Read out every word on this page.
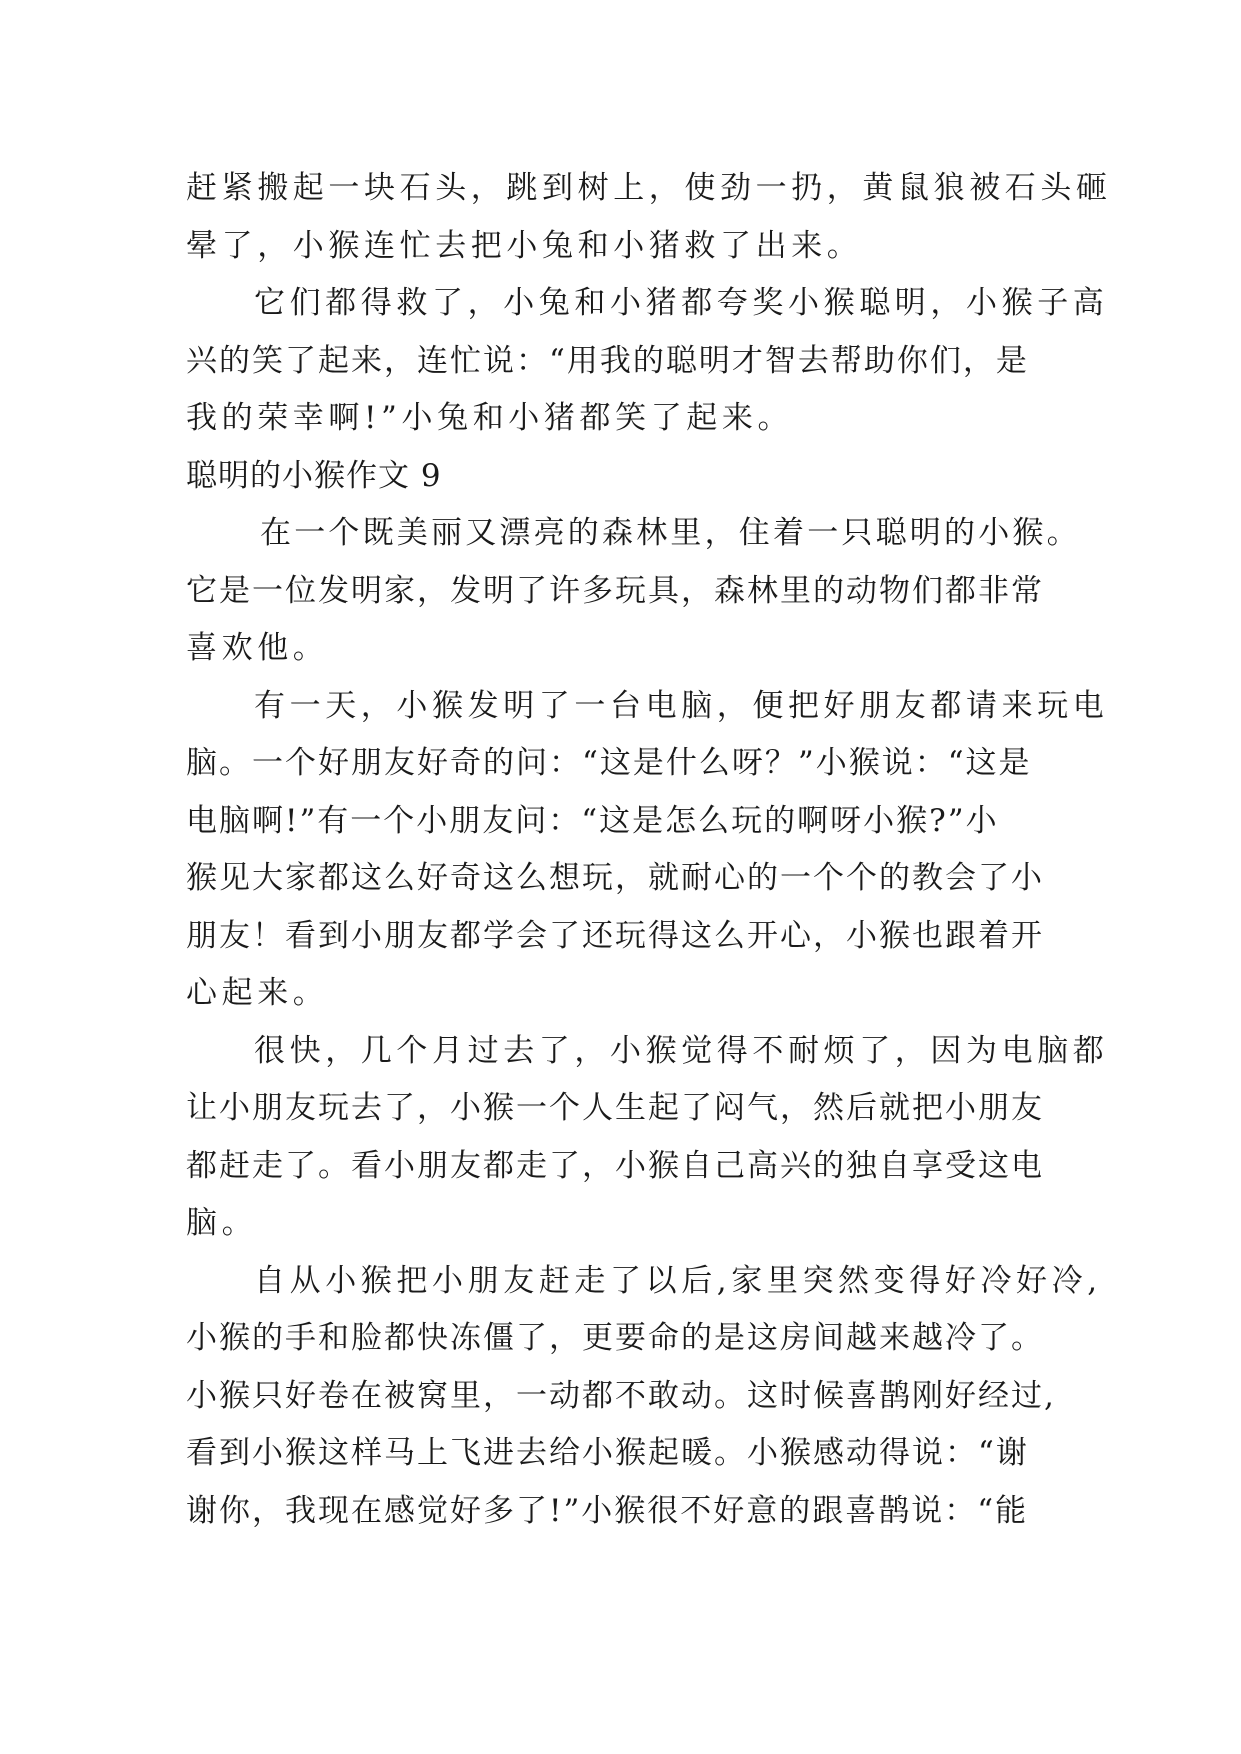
赶紧搬起一块石头，跳到树上，使劲一扔，黄鼠狼被石头砸
晕了，小猴连忙去把小兔和小猪救了出来。
它们都得救了，小兔和小猪都夸奖小猴聪明，小猴子高
兴的笑了起来，连忙说：“用我的聪明才智去帮助你们，是
我的荣幸啊!”小兔和小猪都笑了起来。
聪明的小猴作文 9
在一个既美丽又漂亮的森林里，住着一只聪明的小猴。
它是一位发明家，发明了许多玩具，森林里的动物们都非常
喜欢他。
有一天，小猴发明了一台电脑，便把好朋友都请来玩电
脑。一个好朋友好奇的问：“这是什么呀？”小猴说：“这是
电脑啊!”有一个小朋友问：“这是怎么玩的啊呀小猴?”小
猴见大家都这么好奇这么想玩，就耐心的一个个的教会了小
朋友！看到小朋友都学会了还玩得这么开心，小猴也跟着开
心起来。
很快，几个月过去了，小猴觉得不耐烦了，因为电脑都
让小朋友玩去了，小猴一个人生起了闷气，然后就把小朋友
都赶走了。看小朋友都走了，小猴自己高兴的独自享受这电
脑。
自从小猴把小朋友赶走了以后,家里突然变得好冷好冷,
小猴的手和脸都快冻僵了，更要命的是这房间越来越冷了。
小猴只好卷在被窝里，一动都不敢动。这时候喜鹊刚好经过,
看到小猴这样马上飞进去给小猴起暖。小猴感动得说：“谢
谢你，我现在感觉好多了!”小猴很不好意的跟喜鹊说：“能
